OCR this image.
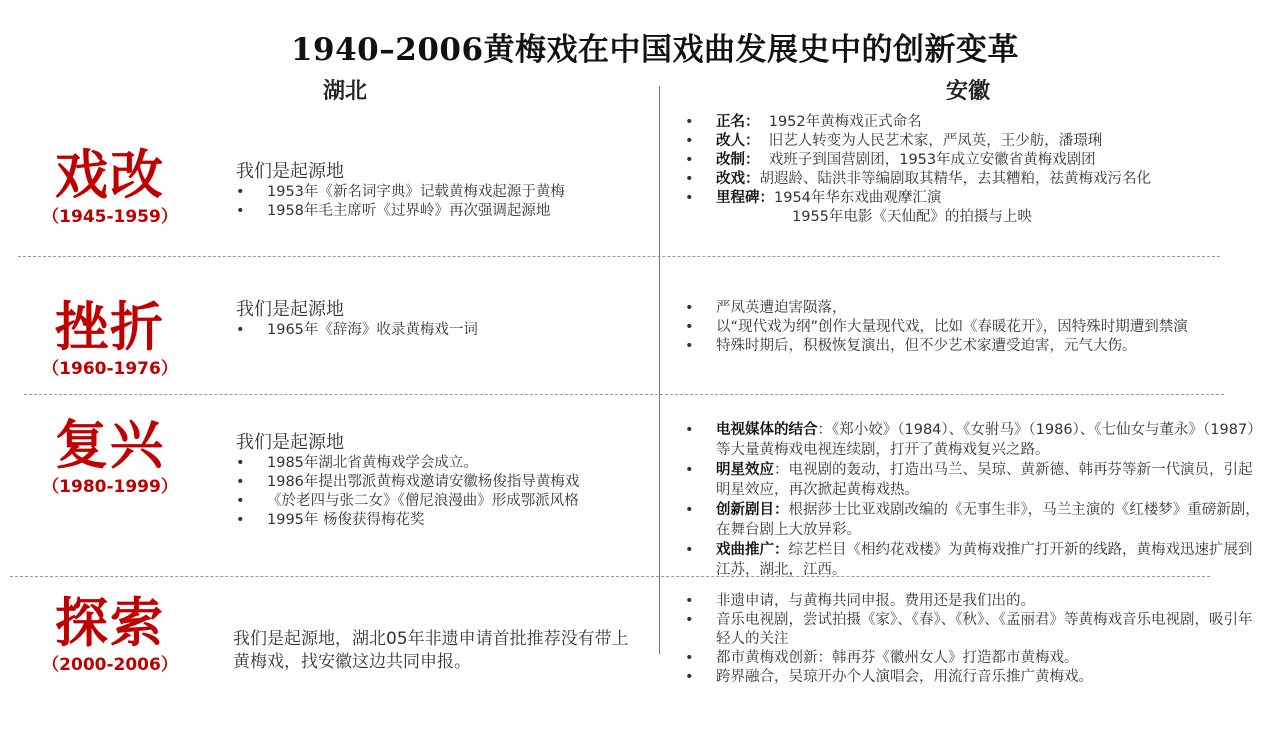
1940–2006黄梅戏在中国戏曲发展史中的创新变革
湖北	安徽
戏改
（1945-1959）
我们是起源地
• 1953年《新名词字典》记载黄梅戏起源于黄梅
• 1958年毛主席听《过界岭》再次强调起源地
• 正名： 1952年黄梅戏正式命名
• 改人： 旧艺人转变为人民艺术家，严凤英，王少舫，潘璟琍
• 改制： 戏班子到国营剧团，1953年成立安徽省黄梅戏剧团
• 改戏：胡遐龄、陆洪非等编剧取其精华，去其糟粕，祛黄梅戏污名化
• 里程碑：1954年华东戏曲观摩汇演
1955年电影《天仙配》的拍摄与上映
挫折
（1960-1976）
我们是起源地
• 1965年《辞海》收录黄梅戏一词
• 严凤英遭迫害陨落，
• 以“现代戏为纲”创作大量现代戏，比如《春暖花开》，因特殊时期遭到禁演
• 特殊时期后，积极恢复演出，但不少艺术家遭受迫害，元气大伤。
复兴
（1980-1999）
我们是起源地
• 1985年湖北省黄梅戏学会成立。
• 1986年提出鄂派黄梅戏邀请安徽杨俊指导黄梅戏
• 《於老四与张二女》《僧尼浪漫曲》形成鄂派风格
• 1995年 杨俊获得梅花奖
• 电视媒体的结合：《郑小姣》（1984）、《女驸马》（1986）、《七仙女与董永》（1987）等大量黄梅戏电视连续剧，打开了黄梅戏复兴之路。
• 明星效应：电视剧的轰动，打造出马兰、吴琼、黄新德、韩再芬等新一代演员，引起明星效应，再次掀起黄梅戏热。
• 创新剧目：根据莎士比亚戏剧改编的《无事生非》，马兰主演的《红楼梦》重磅新剧，在舞台剧上大放异彩。
• 戏曲推广：综艺栏目《相约花戏楼》为黄梅戏推广打开新的线路，黄梅戏迅速扩展到江苏，湖北，江西。
探索
（2000-2006）
我们是起源地，湖北05年非遗申请首批推荐没有带上黄梅戏，找安徽这边共同申报。
• 非遗申请，与黄梅共同申报。费用还是我们出的。
• 音乐电视剧，尝试拍摄《家》、《春》、《秋》、《孟丽君》等黄梅戏音乐电视剧，吸引年轻人的关注
• 都市黄梅戏创新：韩再芬《徽州女人》打造都市黄梅戏。
• 跨界融合，吴琼开办个人演唱会，用流行音乐推广黄梅戏。
